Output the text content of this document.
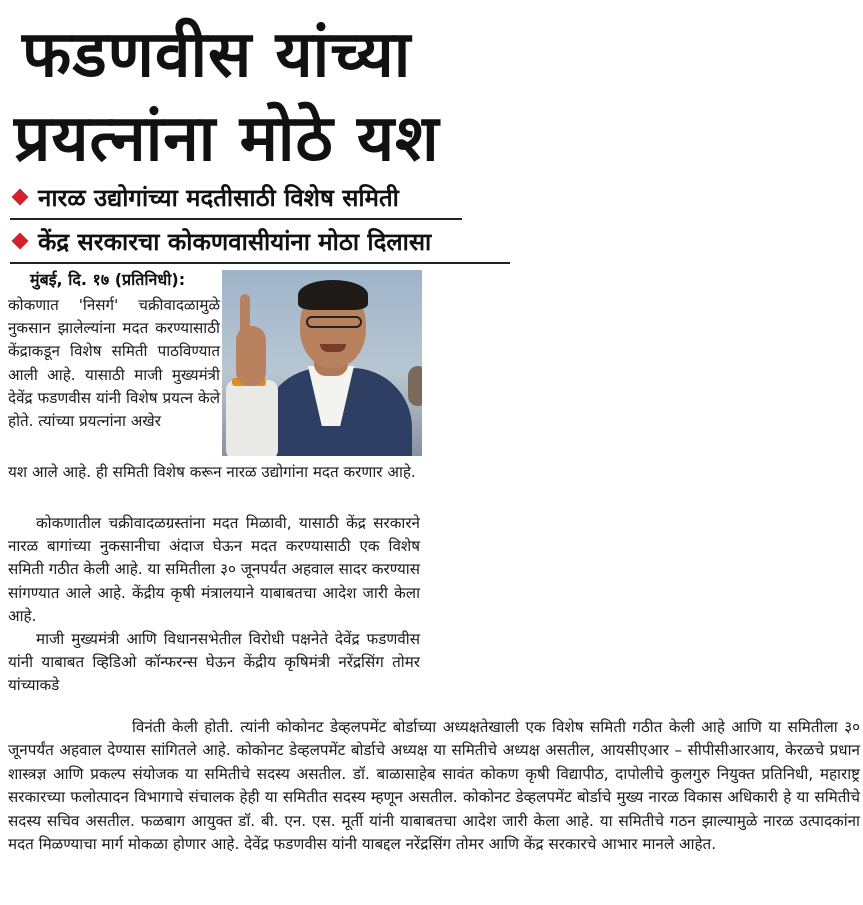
फडणवीस यांच्या
प्रयत्नांना मोठे यश
नारळ उद्योगांच्या मदतीसाठी विशेष समिती
केंद्र सरकारचा कोकणवासीयांना मोठा दिलासा
मुंबई, दि. १७ (प्रतिनिधी):
कोकणात 'निसर्ग' चक्रीवादळामुळे नुकसान झालेल्यांना मदत करण्यासाठी केंद्राकडून विशेष समिती पाठविण्यात आली आहे. यासाठी माजी मुख्यमंत्री देवेंद्र फडणवीस यांनी विशेष प्रयत्न केले होते. त्यांच्या प्रयत्नांना अखेर
यश आले आहे. ही समिती विशेष करून नारळ उद्योगांना मदत करणार आहे.
कोकणातील चक्रीवादळग्रस्तांना मदत मिळावी, यासाठी केंद्र सरकारने नारळ बागांच्या नुकसानीचा अंदाज घेऊन मदत करण्यासाठी एक विशेष समिती गठीत केली आहे. या समितीला ३० जूनपर्यंत अहवाल सादर करण्यास सांगण्यात आले आहे. केंद्रीय कृषी मंत्रालयाने याबाबतचा आदेश जारी केला आहे.
माजी मुख्यमंत्री आणि विधानसभेतील विरोधी पक्षनेते देवेंद्र फडणवीस यांनी याबाबत व्हिडिओ कॉन्फरन्स घेऊन केंद्रीय कृषिमंत्री नरेंद्रसिंग तोमर यांच्याकडे
विनंती केली होती. त्यांनी कोकोनट डेव्हलपमेंट बोर्डाच्या अध्यक्षतेखाली एक विशेष समिती गठीत केली आहे आणि या समितीला ३० जूनपर्यंत अहवाल देण्यास सांगितले आहे. कोकोनट डेव्हलपमेंट बोर्डाचे अध्यक्ष या समितीचे अध्यक्ष असतील, आयसीएआर – सीपीसीआरआय, केरळचे प्रधान शास्त्रज्ञ आणि प्रकल्प संयोजक या समितीचे सदस्य असतील. डॉ. बाळासाहेब सावंत कोकण कृषी विद्यापीठ, दापोलीचे कुलगुरु नियुक्त प्रतिनिधी, महाराष्ट्र सरकारच्या फलोत्पादन विभागाचे संचालक हेही या समितीत सदस्य म्हणून असतील. कोकोनट डेव्हलपमेंट बोर्डाचे मुख्य नारळ विकास अधिकारी हे या समितीचे सदस्य सचिव असतील. फळबाग आयुक्त डॉ. बी. एन. एस. मूर्ती यांनी याबाबतचा आदेश जारी केला आहे. या समितीचे गठन झाल्यामुळे नारळ उत्पादकांना मदत मिळण्याचा मार्ग मोकळा होणार आहे. देवेंद्र फडणवीस यांनी याबद्दल नरेंद्रसिंग तोमर आणि केंद्र सरकारचे आभार मानले आहेत.
